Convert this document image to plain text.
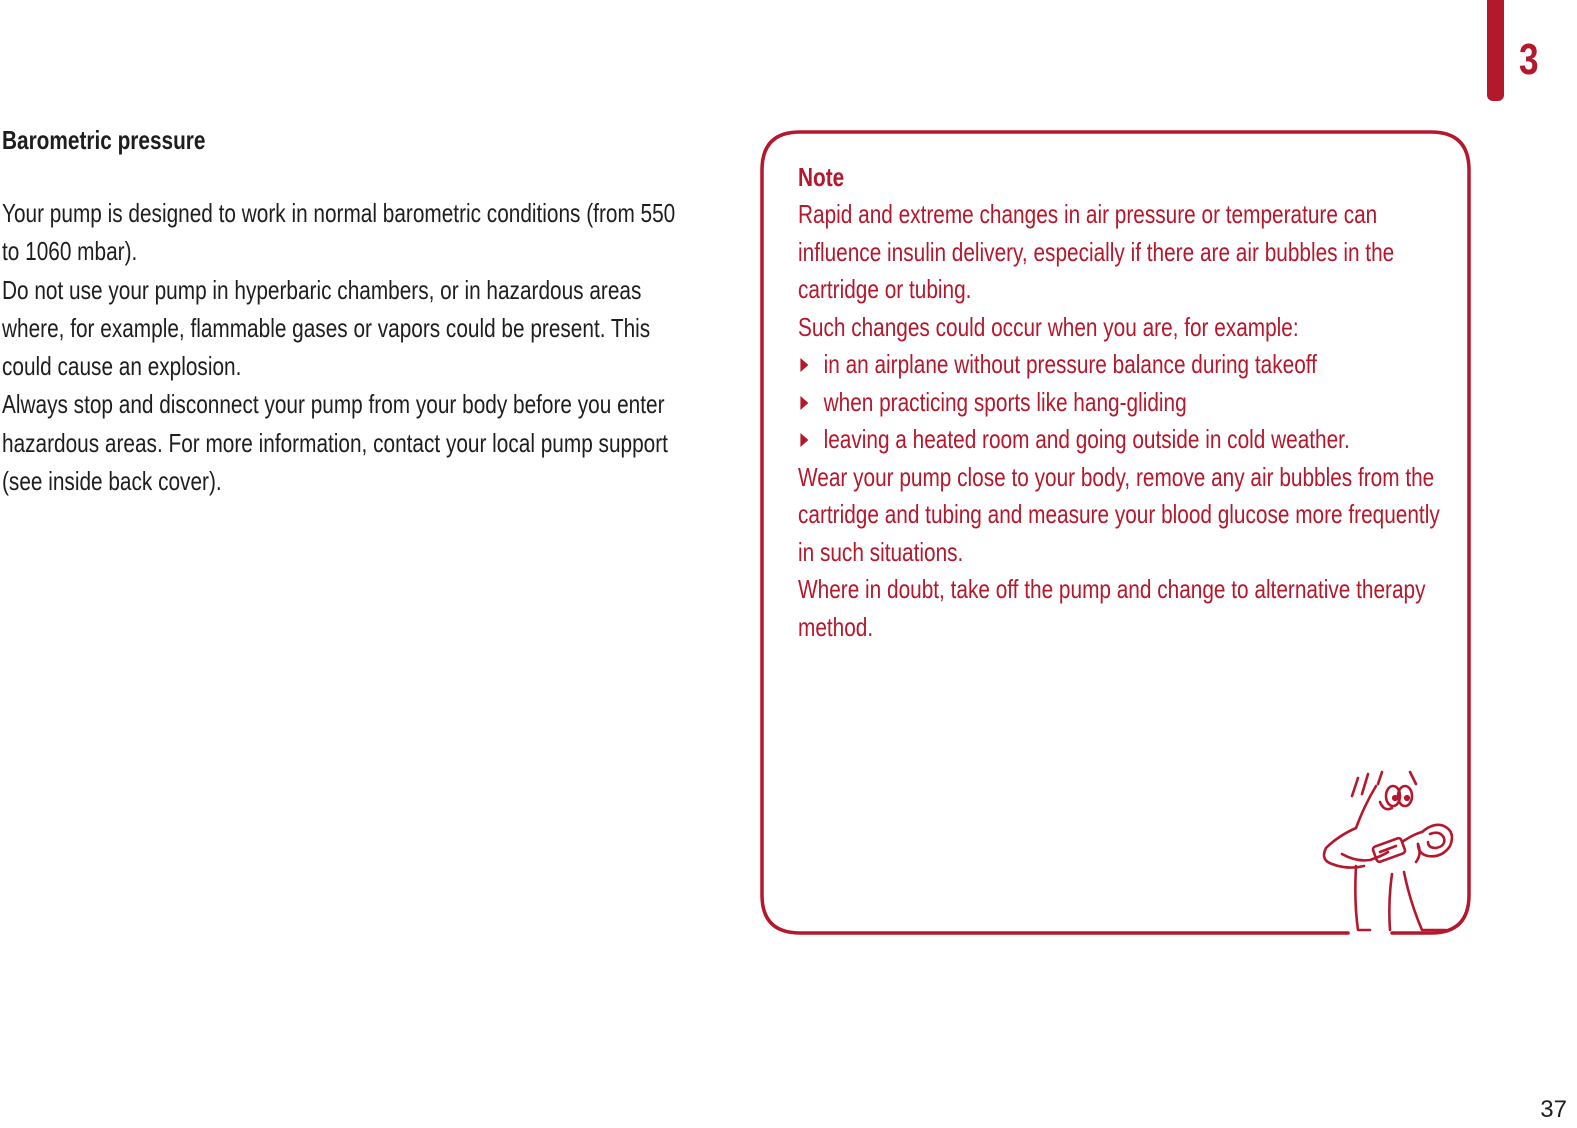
3
Barometric pressure

Your pump is designed to work in normal barometric conditions (from 550 to 1060 mbar).

Do not use your pump in hyperbaric chambers, or in hazardous areas where, for example, flammable gases or vapors could be present. This could cause an explosion.

Always stop and disconnect your pump from your body before you enter hazardous areas. For more information, contact your local pump support (see inside back cover).

Note

Rapid and extreme changes in air pressure or temperature can influence insulin delivery, especially if there are air bubbles in the cartridge or tubing.

Such changes could occur when you are, for example:

in an airplane without pressure balance during takeoff
when practicing sports like hang-gliding
leaving a heated room and going outside in cold weather.

Wear your pump close to your body, remove any air bubbles from the cartridge and tubing and measure your blood glucose more frequently in such situations.

Where in doubt, take off the pump and change to alternative therapy method.

37
